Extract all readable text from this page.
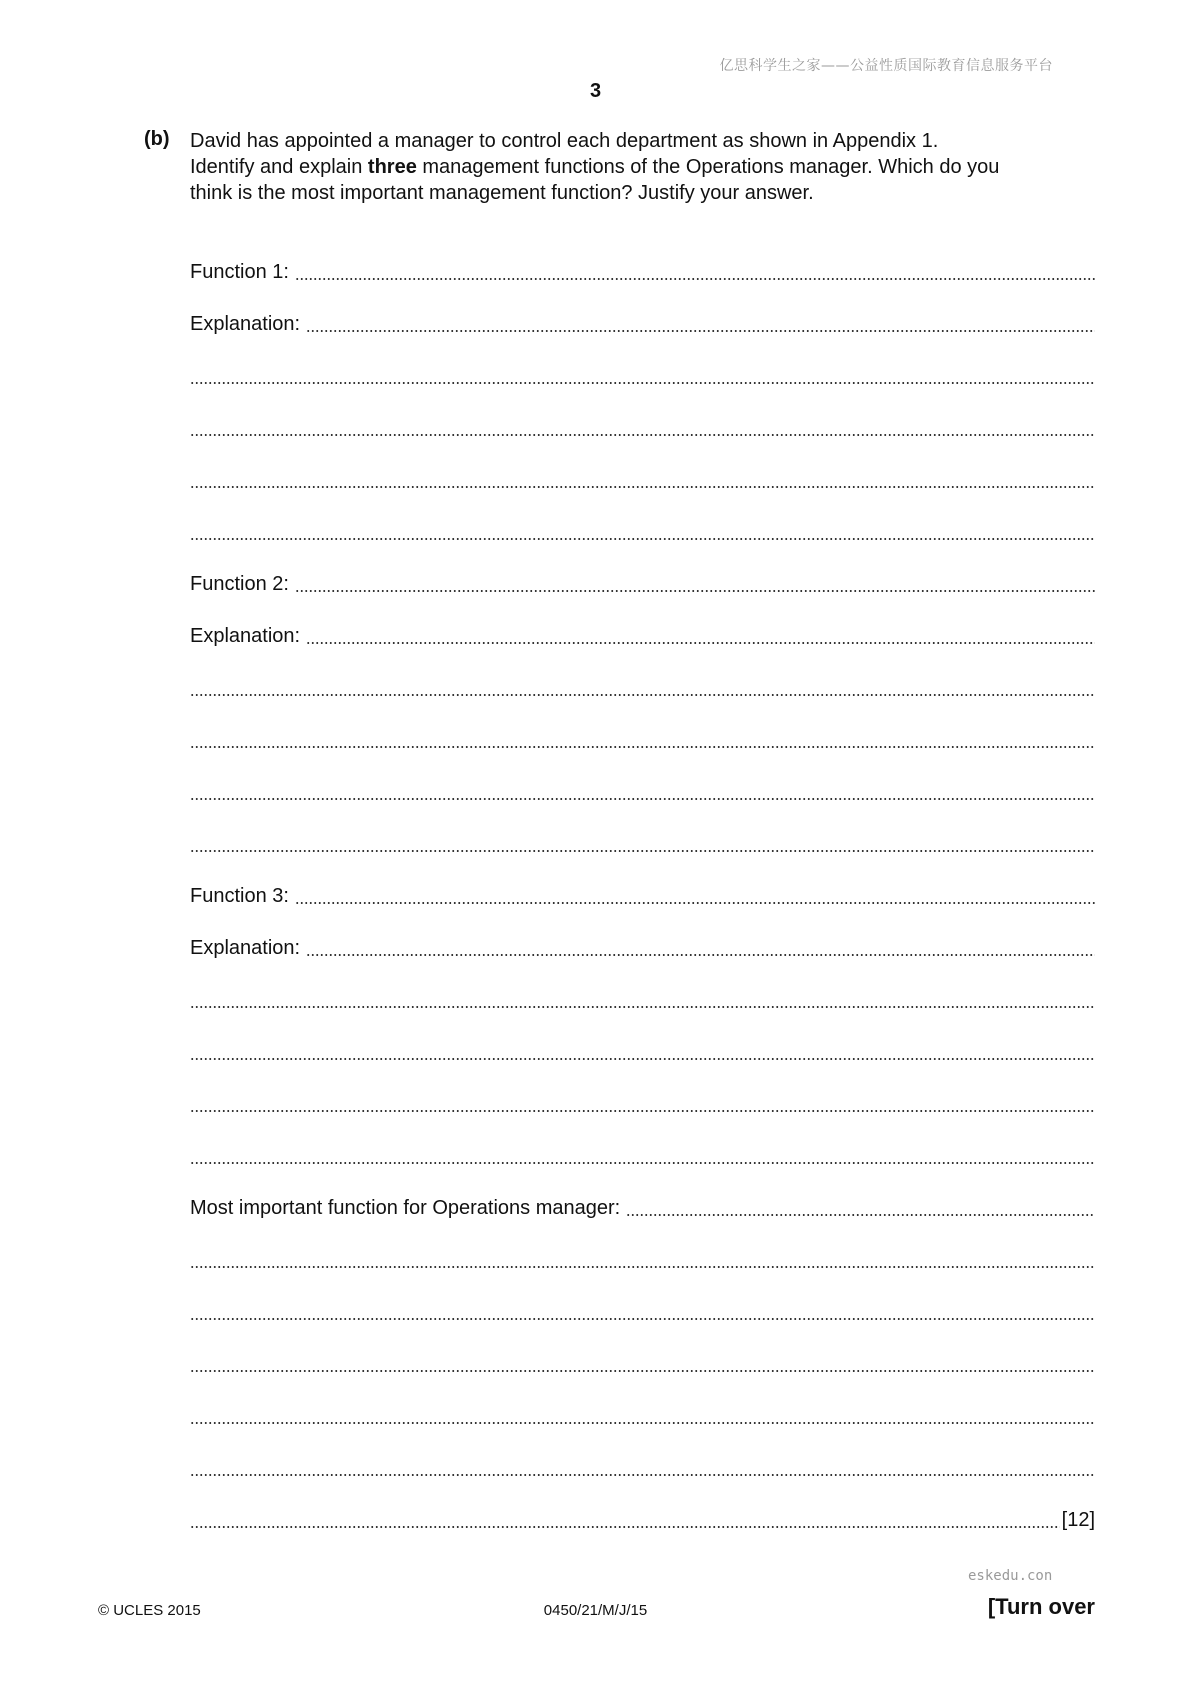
亿思科学生之家——公益性质国际教育信息服务平台
3
(b) David has appointed a manager to control each department as shown in Appendix 1.

Identify and explain three management functions of the Operations manager. Which do you

think is the most important management function? Justify your answer.

Function 1:
Explanation:
Function 2:
Explanation:
Function 3:
Explanation:
Most important function for Operations manager:
[12]
eskedu.con
© UCLES 2015	0450/21/M/J/15	[Turn over
